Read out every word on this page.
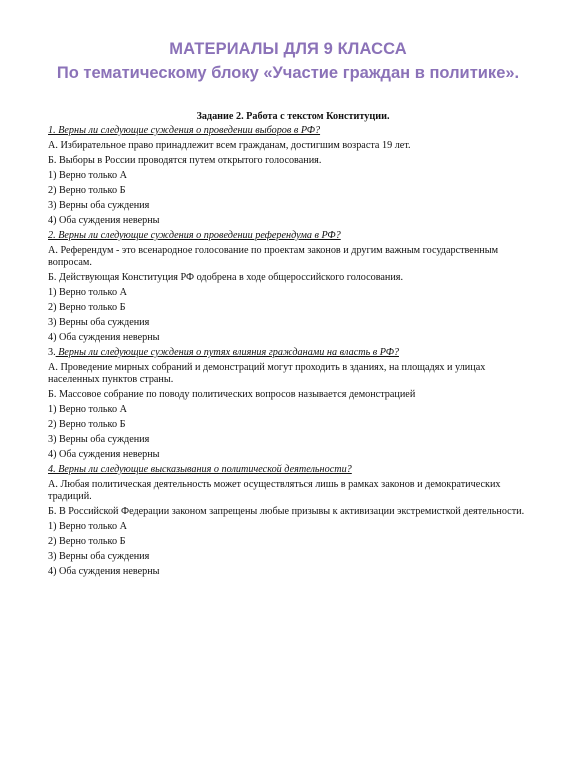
МАТЕРИАЛЫ ДЛЯ 9 КЛАССА
По тематическому блоку «Участие граждан в политике».
Задание 2. Работа с текстом Конституции.
1. Верны ли следующие суждения о проведении выборов в РФ?
А. Избирательное право принадлежит всем гражданам, достигшим возраста 19 лет.
Б. Выборы в России проводятся путем открытого голосования.
1) Верно только А
2) Верно только Б
3) Верны оба суждения
4) Оба суждения неверны
2. Верны ли следующие суждения о проведении референдума в РФ?
А. Референдум - это всенародное голосование по проектам законов и другим важным государственным вопросам.
Б. Действующая Конституция РФ одобрена в ходе общероссийского голосования.
1) Верно только А
2) Верно только Б
3) Верны оба суждения
4) Оба суждения неверны
3. Верны ли следующие суждения о путях влияния гражданами на власть в РФ?
А. Проведение мирных собраний и демонстраций могут проходить в зданиях, на площадях и улицах населенных пунктов страны.
Б. Массовое собрание по поводу политических вопросов называется демонстрацией
1) Верно только А
2) Верно только Б
3) Верны оба суждения
4) Оба суждения неверны
4. Верны ли следующие высказывания о политической деятельности?
А. Любая политическая деятельность может осуществляться лишь в рамках законов и демократических традиций.
Б. В Российской Федерации законом запрещены любые призывы к активизации экстремисткой деятельности.
1) Верно только А
2) Верно только Б
3) Верны оба суждения
4) Оба суждения неверны
